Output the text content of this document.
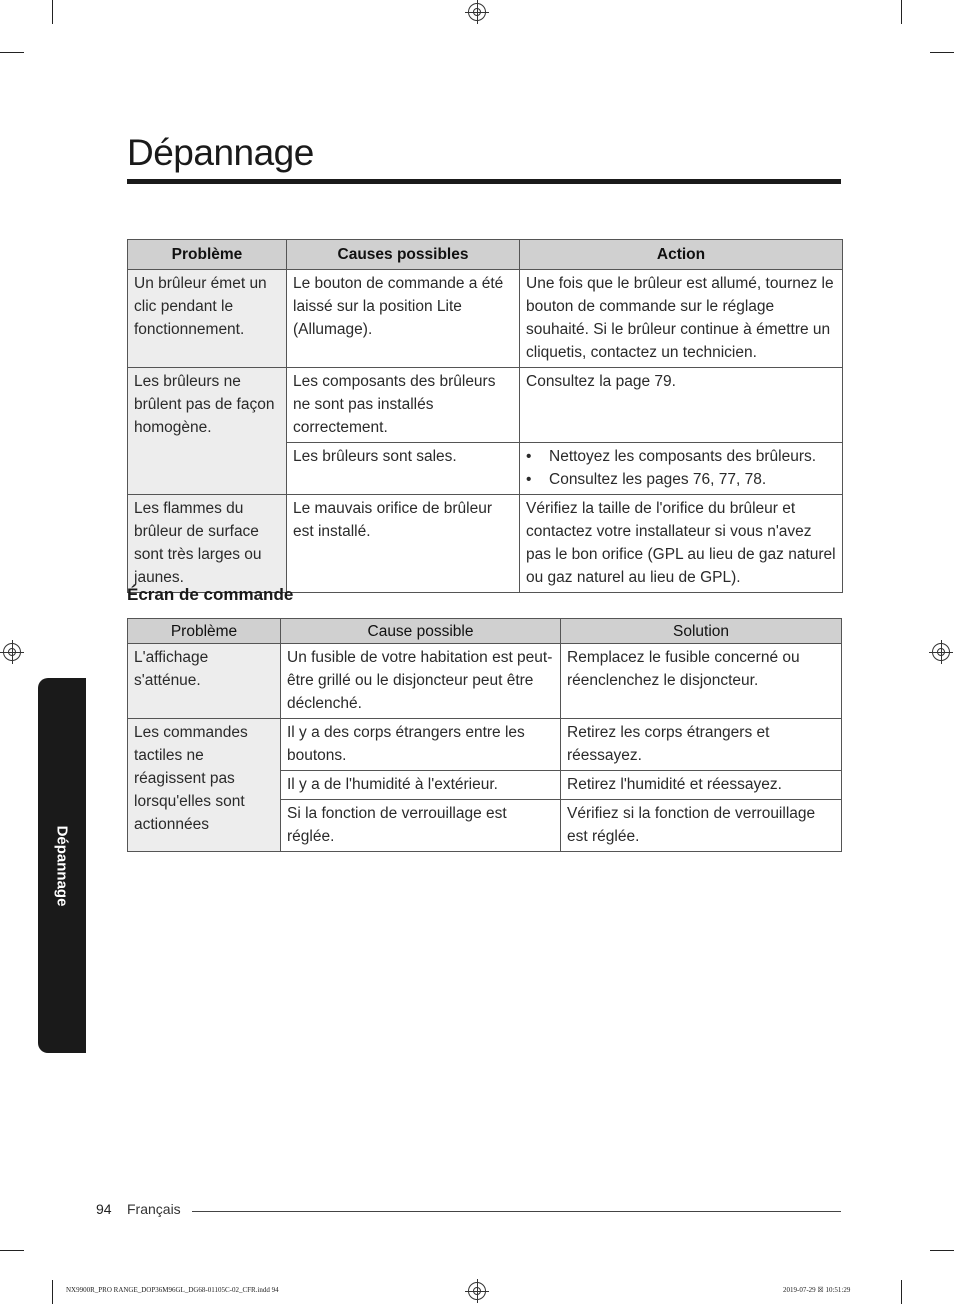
Dépannage
Problème	Causes possibles	Action
Un brûleur émet un clic pendant le fonctionnement.	Le bouton de commande a été laissé sur la position Lite (Allumage).	Une fois que le brûleur est allumé, tournez le bouton de commande sur le réglage souhaité. Si le brûleur continue à émettre un cliquetis, contactez un technicien.
Les brûleurs ne brûlent pas de façon homogène.	Les composants des brûleurs ne sont pas installés correctement.	Consultez la page 79.
	Les brûleurs sont sales.	• Nettoyez les composants des brûleurs.
• Consultez les pages 76, 77, 78.

Les flammes du brûleur de surface sont très larges ou jaunes.	Le mauvais orifice de brûleur est installé.	Vérifiez la taille de l'orifice du brûleur et contactez votre installateur si vous n'avez pas le bon orifice (GPL au lieu de gaz naturel ou gaz naturel au lieu de GPL).
Écran de commande
Problème	Cause possible	Solution
L'affichage s'atténue.	Un fusible de votre habitation est peut-être grillé ou le disjoncteur peut être déclenché.	Remplacez le fusible concerné ou réenclenchez le disjoncteur.
Les commandes tactiles ne réagissent pas lorsqu'elles sont actionnées	Il y a des corps étrangers entre les boutons.	Retirez les corps étrangers et réessayez.
	Il y a de l'humidité à l'extérieur.	Retirez l'humidité et réessayez.
	Si la fonction de verrouillage est réglée.	Vérifiez si la fonction de verrouillage est réglée.
Dépannage
94 Français
NX9900R_PRO RANGE_DOP36M96GL_DG68-01105C-02_CFR.indd 94	2019-07-29 ☒ 10:51:29
